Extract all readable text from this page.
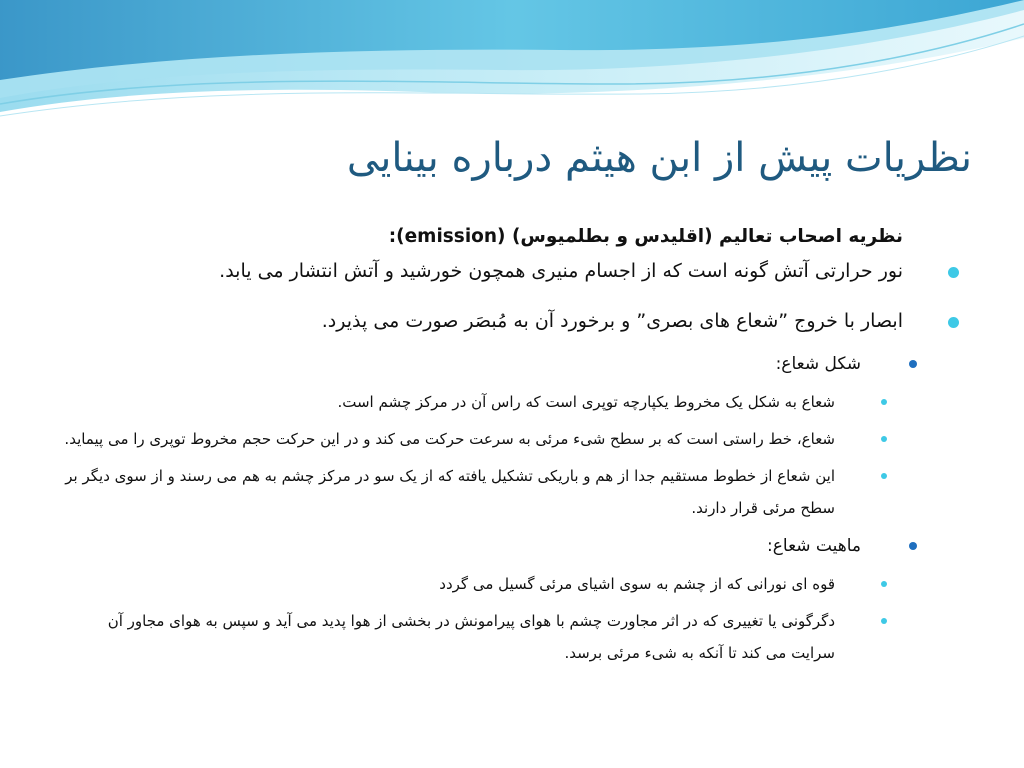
نظریات پیش از ابن هیثم درباره بینایی
نظریه اصحاب تعالیم (اقلیدس و بطلمیوس) (emission):
نور حرارتی آتش گونه است که از اجسام منیری همچون خورشید و آتش انتشار می یابد.
ابصار با خروج ”شعاع های بصری” و برخورد آن به مُبصَر صورت می پذیرد.
شکل شعاع:
شعاع به شکل یک مخروط یکپارچه توپری است که راس آن در مرکز چشم است.
شعاع، خط راستی است که بر سطح شیء مرئی به سرعت حرکت می کند و در این حرکت حجم مخروط توپری را می پیماید.
این شعاع از خطوط مستقیم جدا از هم و باریکی تشکیل یافته که از یک سو در مرکز چشم به هم می رسند و از سوی دیگر بر سطح مرئی قرار دارند.
ماهیت شعاع:
قوه ای نورانی که از چشم به سوی اشیای مرئی گسیل می گردد
دگرگونی یا تغییری که در اثر مجاورت چشم با هوای پیرامونش در بخشی از هوا پدید می آید و سپس به هوای مجاور آن سرایت می کند تا آنکه به شیء مرئی برسد.
